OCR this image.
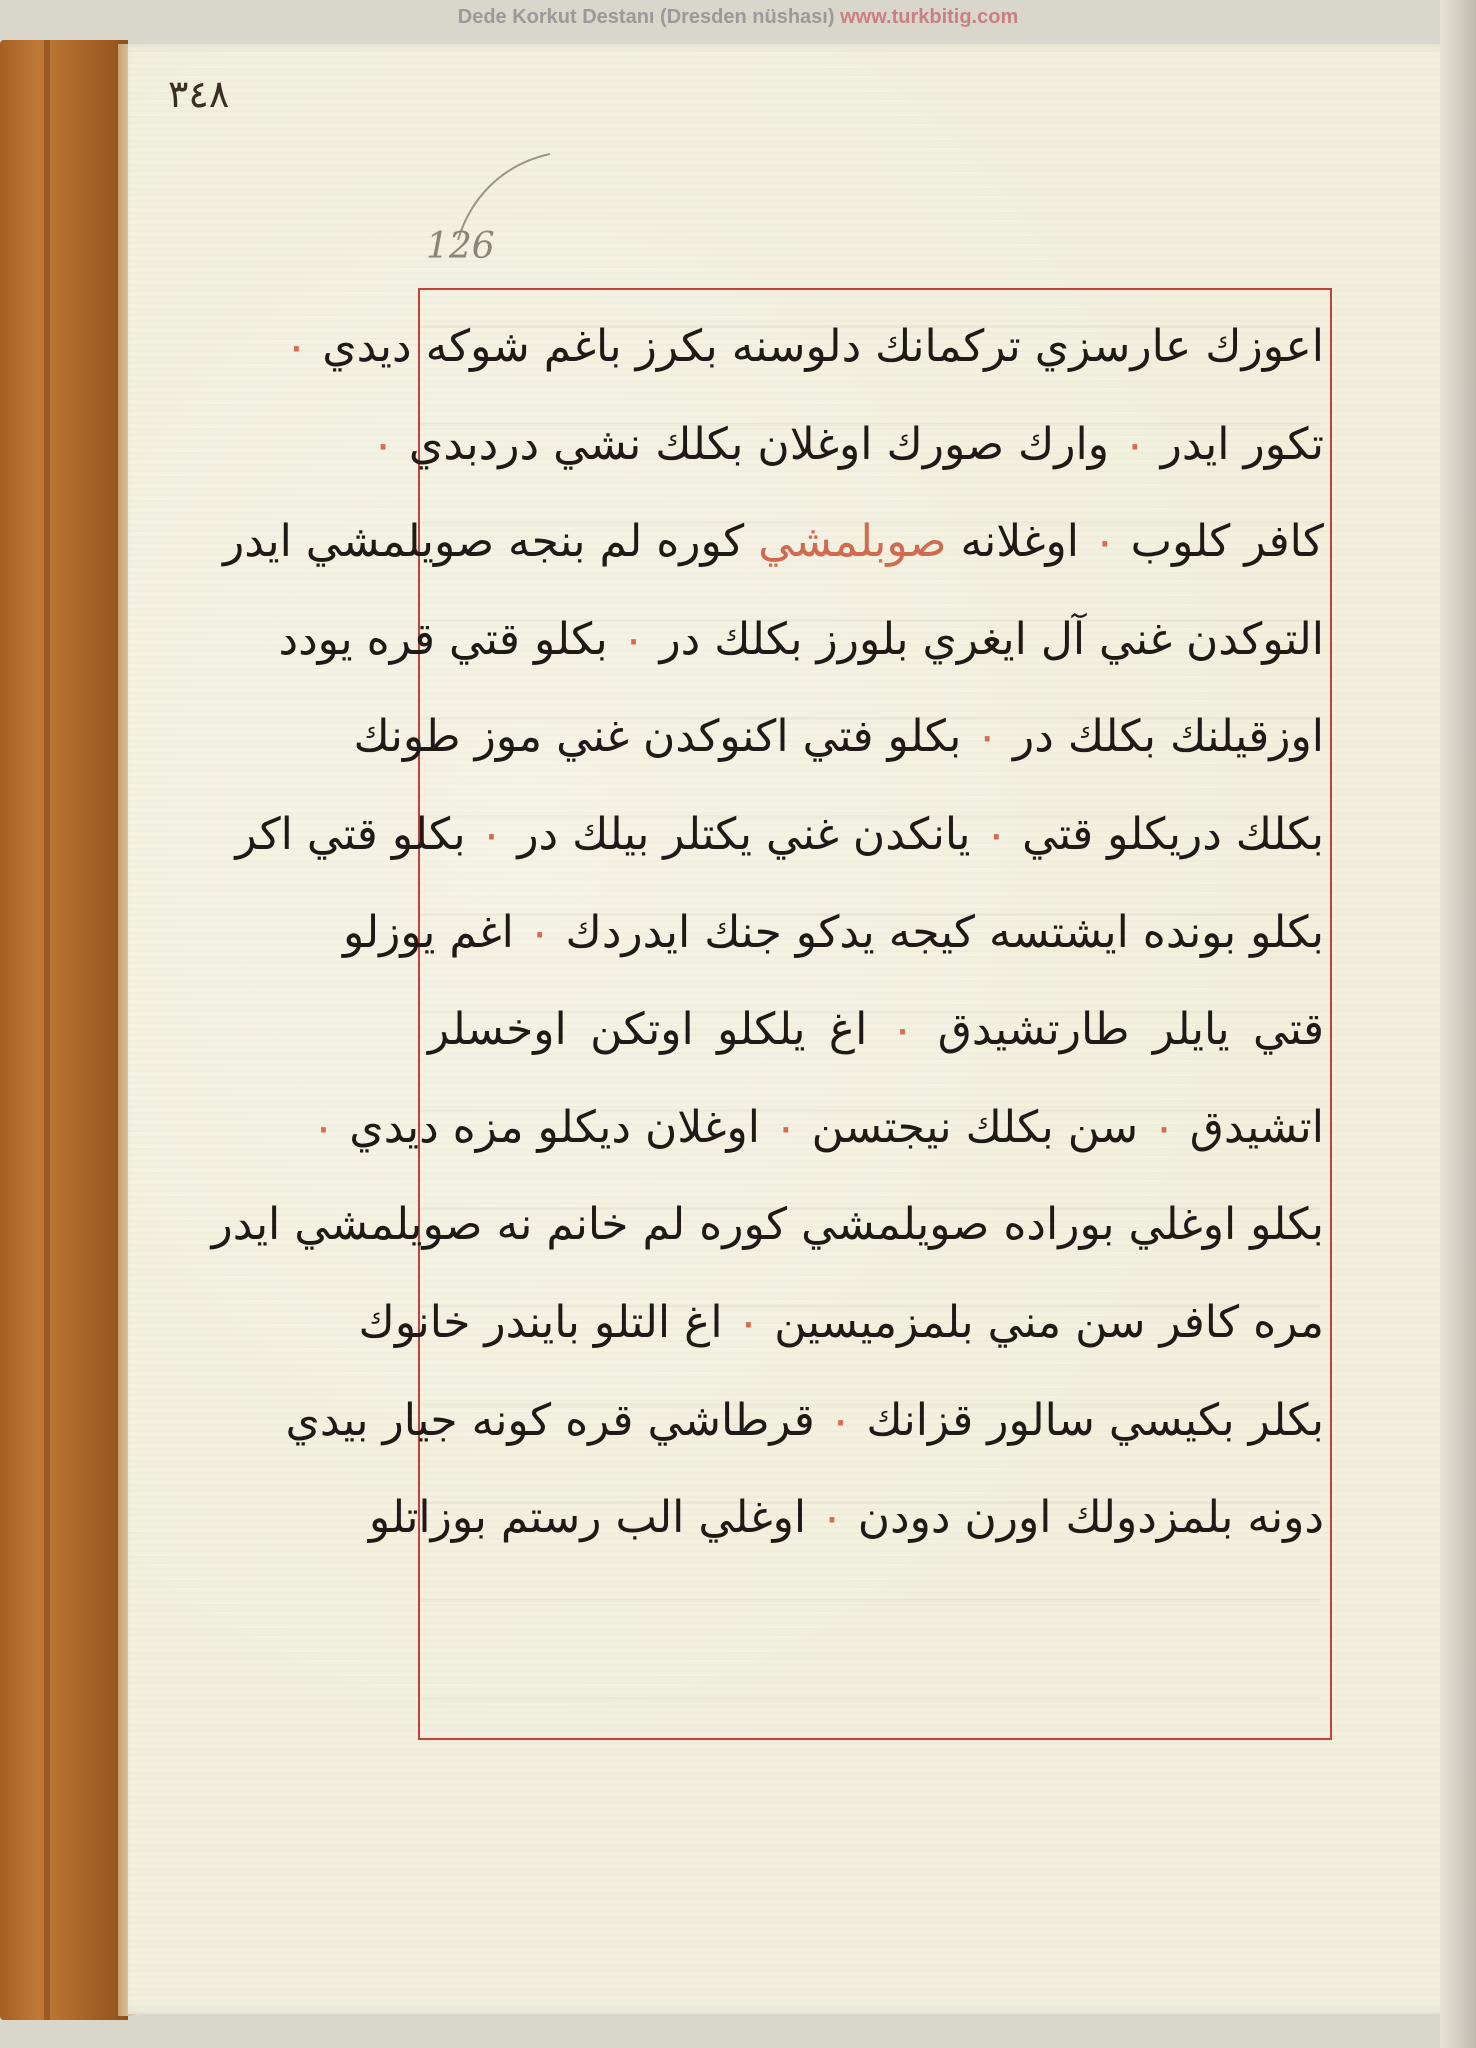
Dede Korkut Destanı (Dresden nüshası) www.turkbitig.com
٣٤٨
126
اعوزك عارسزي تركمانك دلوسنه بكرز باغم شوكه ديدي ٠
تكور ايدر ٠ وارك صورك اوغلان بكلك نشي دردبدي ٠
كافر كلوب ٠ اوغلانه صوبلمشي كوره لم بنجه صويلمشي ايدر
التوكدن غني آل ايغري بلورز بكلك در ٠ بكلو قتي قره يودد
اوزقيلنك بكلك در ٠ بكلو فتي اكنوكدن غني موز طونك
بكلك دريكلو قتي ٠ يانكدن غني يكتلر بيلك در ٠ بكلو قتي اكر
بكلو بونده ايشتسه كيجه يدكو جنك ايدردك ٠ اغم يوزلو
قتي يايلر طارتشيدق ٠ اغ يلكلو اوتكن اوخسلر
اتشيدق ٠ سن بكلك نيجتسن ٠ اوغلان ديكلو مزه ديدي ٠
بكلو اوغلي بوراده صويلمشي كوره لم خانم نه صويلمشي ايدر
مره كافر سن مني بلمزميسين ٠ اغ التلو بايندر خانوك
بكلر بكيسي سالور قزانك ٠ قرطاشي قره كونه جيار بيدي
دونه بلمزدولك اورن دودن ٠ اوغلي الب رستم بوزاتلو
